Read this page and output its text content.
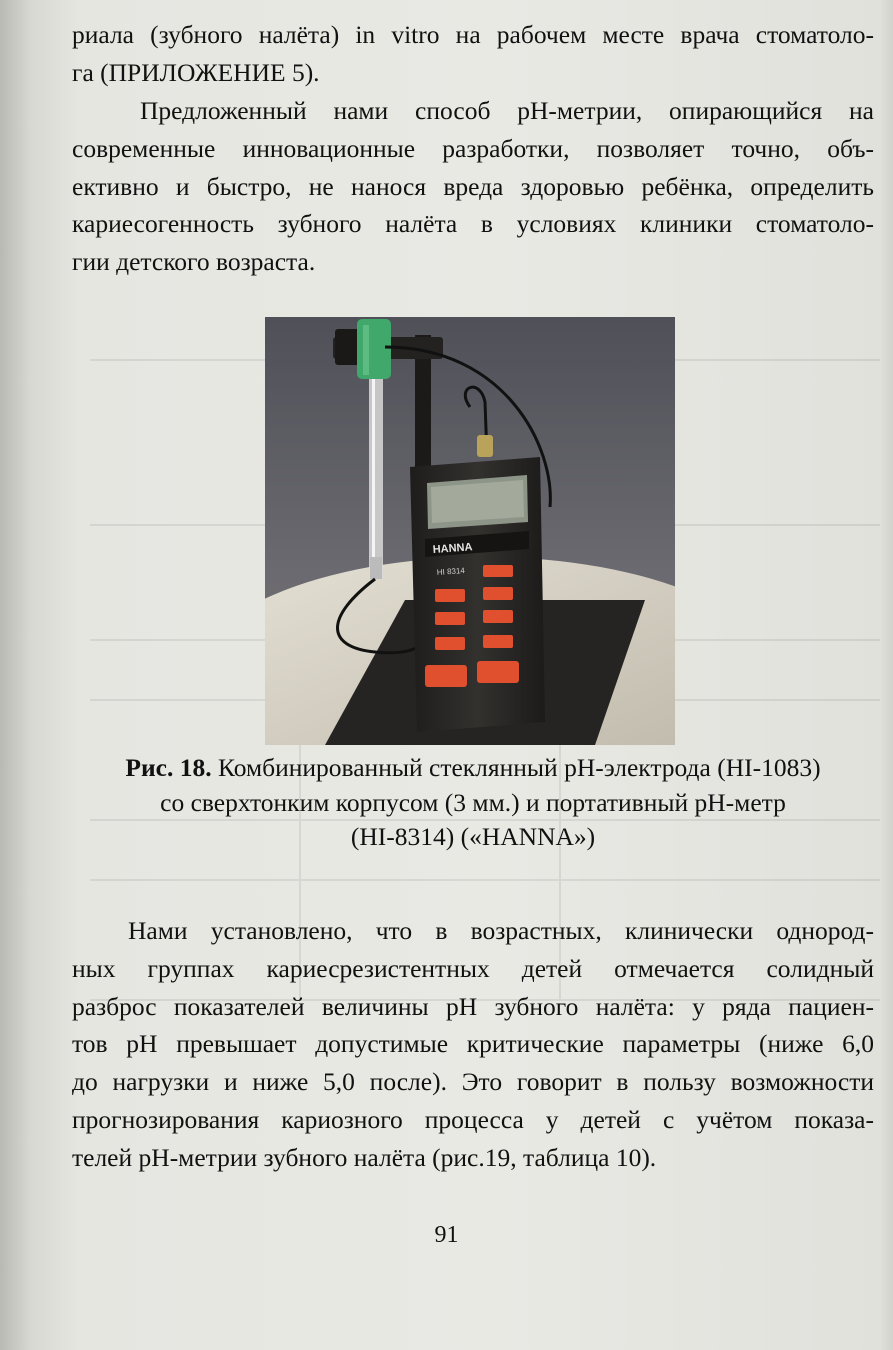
риала (зубного налёта) in vitro на рабочем месте врача стоматоло-
га (ПРИЛОЖЕНИЕ 5).

Предложенный нами способ pH-метрии, опирающийся на
современные инновационные разработки, позволяет точно, объ-
ективно и быстро, не нанося вреда здоровью ребёнка, определить
кариесогенность зубного налёта в условиях клиники стоматоло-
гии детского возраста.

HANNA
HI 8314

Рис. 18. Комбинированный стеклянный pH-электрода (HI-1083)
со сверхтонким корпусом (3 мм.) и портативный pH-метр
(HI-8314) («HANNA»)

Нами установлено, что в возрастных, клинически однород-
ных группах кариесрезистентных детей отмечается солидный
разброс показателей величины pH зубного налёта: у ряда пациен-
тов pH превышает допустимые критические параметры (ниже 6,0
до нагрузки и ниже 5,0 после). Это говорит в пользу возможности
прогнозирования кариозного процесса у детей с учётом показа-
телей pH-метрии зубного налёта (рис.19, таблица 10).

91
